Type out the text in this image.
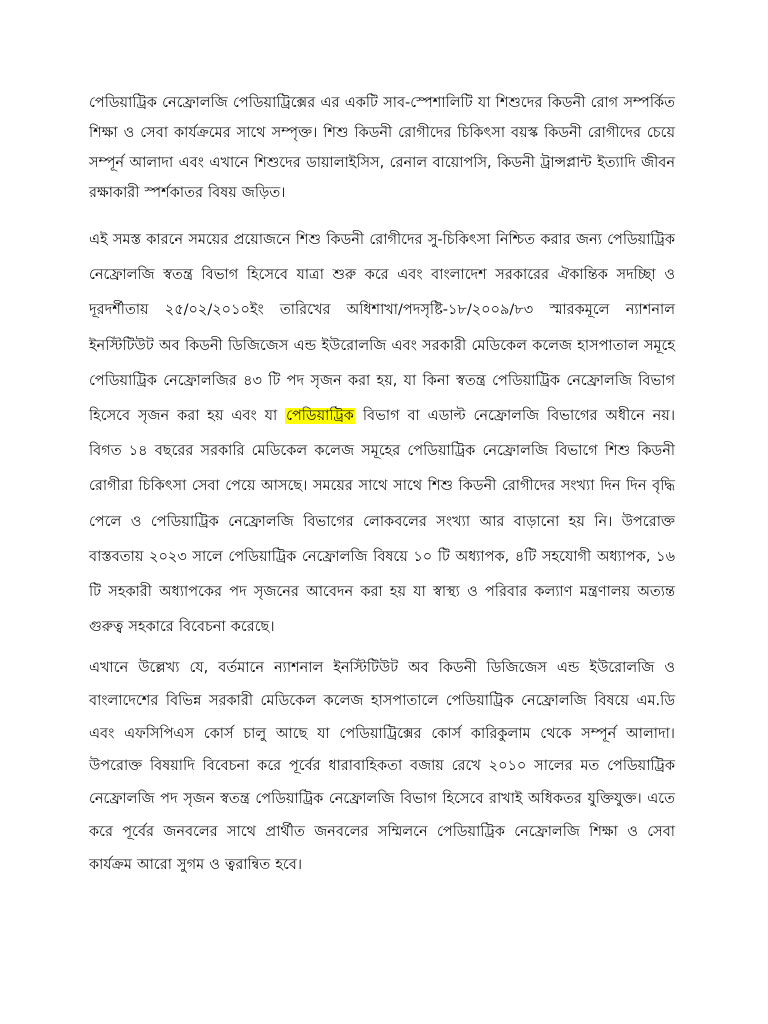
পেডিয়াট্রিক নেফ্রোলজি পেডিয়াট্রিক্সের এর একটি সাব-স্পেশালিটি যা শিশুদের কিডনী রোগ সম্পর্কিত শিক্ষা ও সেবা কার্যক্রমের সাথে সম্পৃক্ত। শিশু কিডনী রোগীদের চিকিৎসা বয়স্ক কিডনী রোগীদের চেয়ে সম্পূর্ন আলাদা এবং এখানে শিশুদের ডায়ালাইসিস, রেনাল বায়োপসি, কিডনী ট্রান্সপ্লান্ট ইত্যাদি জীবন রক্ষাকারী স্পর্শকাতর বিষয় জড়িত।

এই সমস্ত কারনে সময়ের প্রয়োজনে শিশু কিডনী রোগীদের সু-চিকিৎসা নিশ্চিত করার জন্য পেডিয়াট্রিক নেফ্রোলজি স্বতন্ত্র বিভাগ হিসেবে যাত্রা শুরু করে এবং বাংলাদেশ সরকারের ঐকান্তিক সদচ্ছিা ও দূরদর্শীতায় ২৫/০২/২০১০ইং তারিখের অধিশাখা/পদসৃষ্টি-১৮/২০০৯/৮৩ স্মারকমূলে ন্যাশনাল ইনস্টিটিউট অব কিডনী ডিজিজেস এন্ড ইউরোলজি এবং সরকারী মেডিকেল কলেজ হাসপাতাল সমূহে পেডিয়াট্রিক নেফ্রোলজির ৪৩ টি পদ সৃজন করা হয়, যা কিনা স্বতন্ত্র পেডিয়াট্রিক নেফ্রোলজি বিভাগ হিসেবে সৃজন করা হয় এবং যা পেডিয়াট্রিক বিভাগ বা এডাল্ট নেফ্রোলজি বিভাগের অধীনে নয়। বিগত ১৪ বছরের সরকারি মেডিকেল কলেজ সমূহের পেডিয়াট্রিক নেফ্রোলজি বিভাগে শিশু কিডনী রোগীরা চিকিৎসা সেবা পেয়ে আসছে। সময়ের সাথে সাথে শিশু কিডনী রোগীদের সংখ্যা দিন দিন বৃদ্ধি পেলে ও পেডিয়াট্রিক নেফ্রোলজি বিভাগের লোকবলের সংখ্যা আর বাড়ানো হয় নি। উপরোক্ত বাস্তবতায় ২০২৩ সালে পেডিয়াট্রিক নেফ্রোলজি বিষয়ে ১০ টি অধ্যাপক, ৪টি সহযোগী অধ্যাপক, ১৬ টি সহকারী অধ্যাপকের পদ সৃজনের আবেদন করা হয় যা স্বাস্থ্য ও পরিবার কল্যাণ মন্ত্রণালয় অত্যন্ত গুরুত্ব সহকারে বিবেচনা করেছে।

এখানে উল্লেখ্য যে, বর্তমানে ন্যাশনাল ইনস্টিটিউট অব কিডনী ডিজিজেস এন্ড ইউরোলজি ও বাংলাদেশের বিভিন্ন সরকারী মেডিকেল কলেজ হাসপাতালে পেডিয়াট্রিক নেফ্রোলজি বিষয়ে এম.ডি এবং এফসিপিএস কোর্স চালু আছে যা পেডিয়াট্রিক্সের কোর্স কারিকুলাম থেকে সম্পূর্ন আলাদা। উপরোক্ত বিষয়াদি বিবেচনা করে পূর্বের ধারাবাহিকতা বজায় রেখে ২০১০ সালের মত পেডিয়াট্রিক নেফ্রোলজি পদ সৃজন স্বতন্ত্র পেডিয়াট্রিক নেফ্রোলজি বিভাগ হিসেবে রাখাই অধিকতর যুক্তিযুক্ত। এতে করে পূর্বের জনবলের সাথে প্রার্থীত জনবলের সম্মিলনে পেডিয়াট্রিক নেফ্রোলজি শিক্ষা ও সেবা কার্যক্রম আরো সুগম ও ত্বরান্বিত হবে।
